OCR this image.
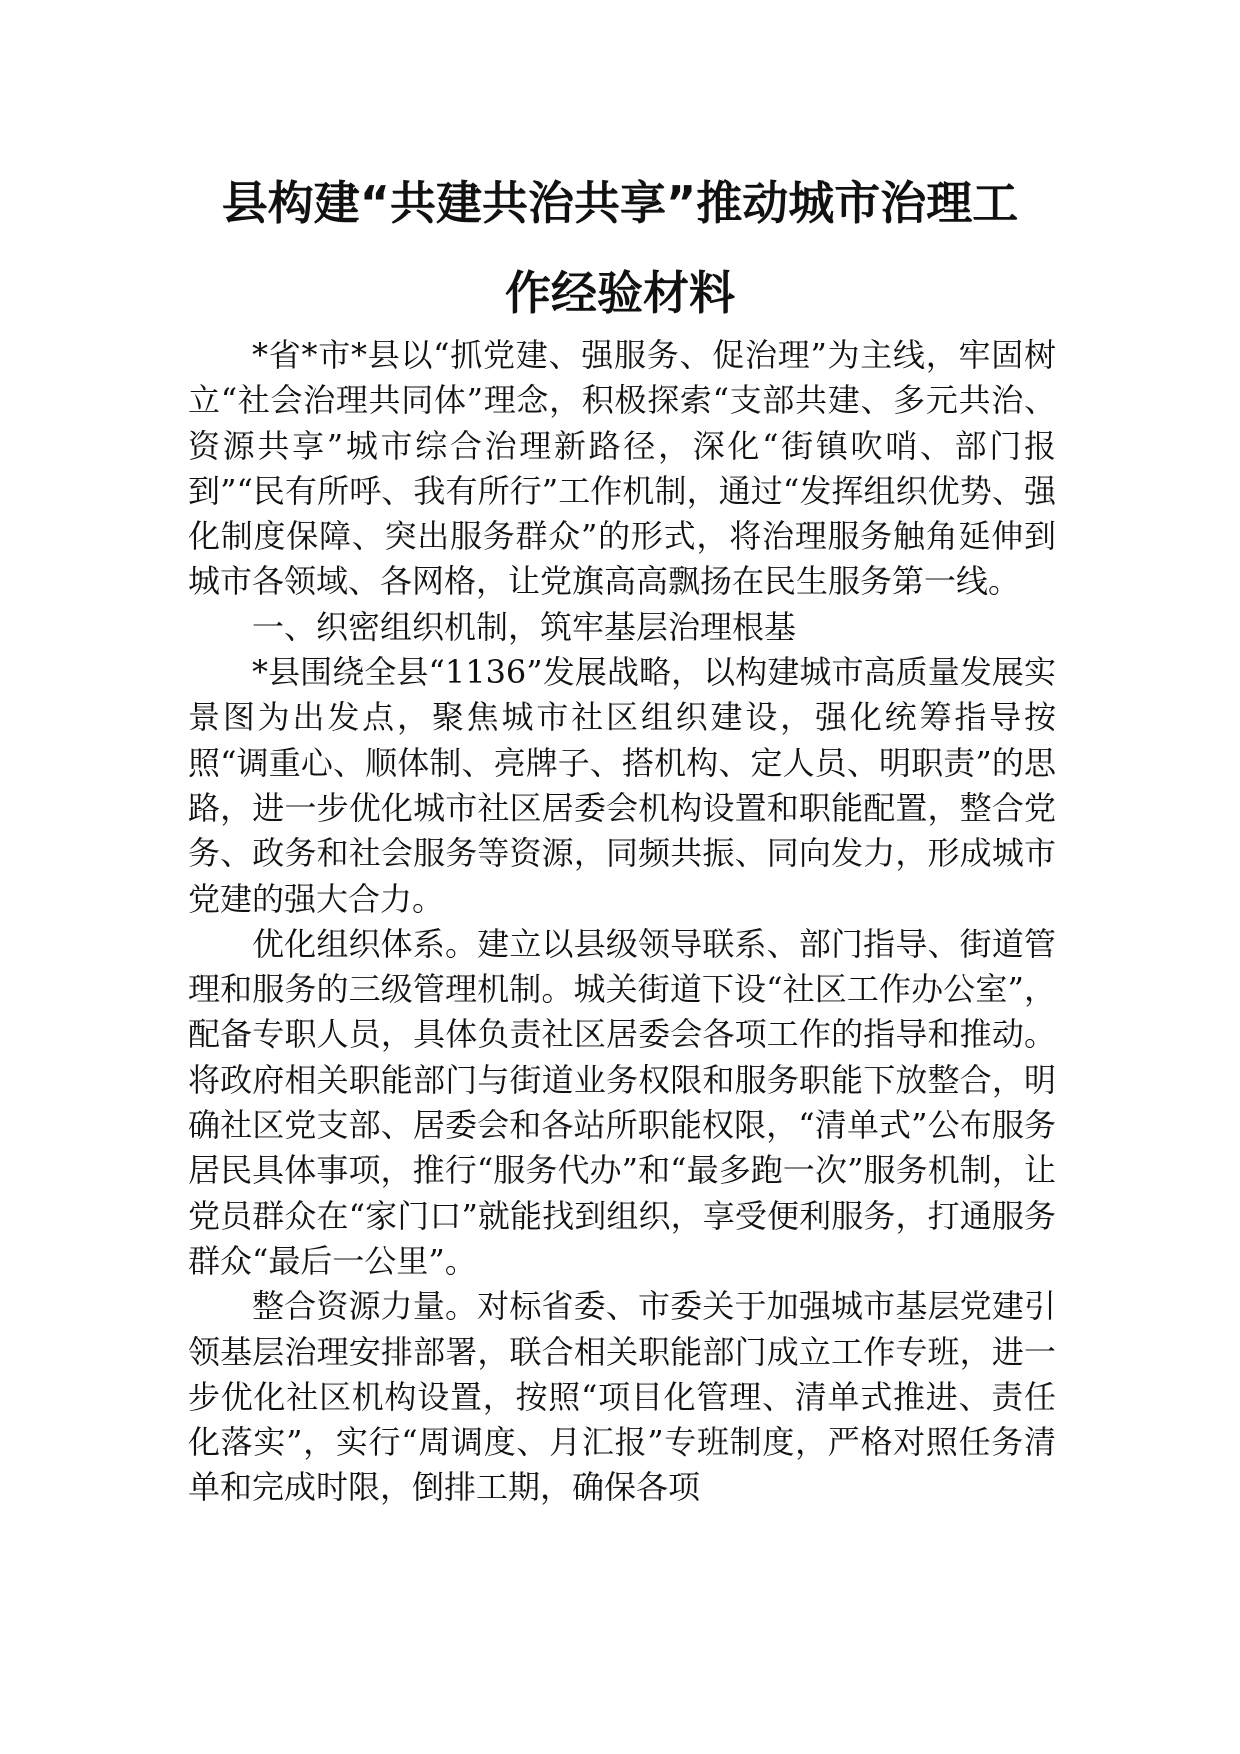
县构建“共建共治共享”推动城市治理工
作经验材料

*省*市*县以“抓党建、强服务、促治理”为主线，牢固树立“社会治理共同体”理念，积极探索“支部共建、多元共治、资源共享”城市综合治理新路径，深化“街镇吹哨、部门报到”“民有所呼、我有所行”工作机制，通过“发挥组织优势、强化制度保障、突出服务群众”的形式，将治理服务触角延伸到城市各领域、各网格，让党旗高高飘扬在民生服务第一线。

一、织密组织机制，筑牢基层治理根基

*县围绕全县“1136”发展战略，以构建城市高质量发展实景图为出发点，聚焦城市社区组织建设，强化统筹指导按照“调重心、顺体制、亮牌子、搭机构、定人员、明职责”的思路，进一步优化城市社区居委会机构设置和职能配置，整合党务、政务和社会服务等资源，同频共振、同向发力，形成城市党建的强大合力。

优化组织体系。建立以县级领导联系、部门指导、街道管理和服务的三级管理机制。城关街道下设“社区工作办公室”，配备专职人员，具体负责社区居委会各项工作的指导和推动。将政府相关职能部门与街道业务权限和服务职能下放整合，明确社区党支部、居委会和各站所职能权限，“清单式”公布服务居民具体事项，推行“服务代办”和“最多跑一次”服务机制，让党员群众在“家门口”就能找到组织，享受便利服务，打通服务群众“最后一公里”。

整合资源力量。对标省委、市委关于加强城市基层党建引领基层治理安排部署，联合相关职能部门成立工作专班，进一步优化社区机构设置，按照“项目化管理、清单式推进、责任化落实”，实行“周调度、月汇报”专班制度，严格对照任务清单和完成时限，倒排工期，确保各项
